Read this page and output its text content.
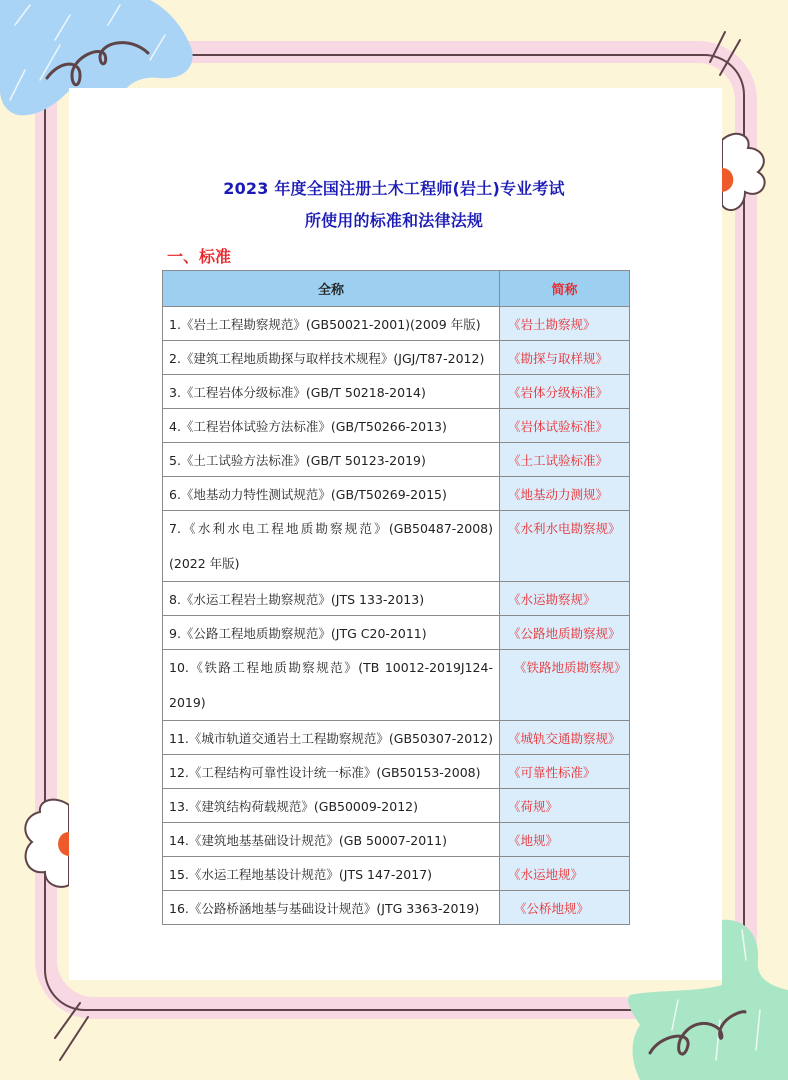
2023 年度全国注册土木工程师(岩土)专业考试
所使用的标准和法律法规
一、标准
全称	简称
1.《岩土工程勘察规范》(GB50021-2001)(2009 年版)	《岩土勘察规》
2.《建筑工程地质勘探与取样技术规程》(JGJ/T87-2012)	《勘探与取样规》
3.《工程岩体分级标准》(GB/T 50218-2014)	《岩体分级标准》
4.《工程岩体试验方法标准》(GB/T50266-2013)	《岩体试验标准》
5.《土工试验方法标准》(GB/T 50123-2019)	《土工试验标准》
6.《地基动力特性测试规范》(GB/T50269-2015)	《地基动力测规》
7.《水利水电工程地质勘察规范》(GB50487-2008)(2022 年版)	《水利水电勘察规》
8.《水运工程岩土勘察规范》(JTS 133-2013)	《水运勘察规》
9.《公路工程地质勘察规范》(JTG C20-2011)	《公路地质勘察规》
10.《铁路工程地质勘察规范》(TB 10012-2019J124-2019)	《铁路地质勘察规》
11.《城市轨道交通岩土工程勘察规范》(GB50307-2012)	《城轨交通勘察规》
12.《工程结构可靠性设计统一标准》(GB50153-2008)	《可靠性标准》
13.《建筑结构荷载规范》(GB50009-2012)	《荷规》
14.《建筑地基基础设计规范》(GB 50007-2011)	《地规》
15.《水运工程地基设计规范》(JTS 147-2017)	《水运地规》
16.《公路桥涵地基与基础设计规范》(JTG 3363-2019)	《公桥地规》
